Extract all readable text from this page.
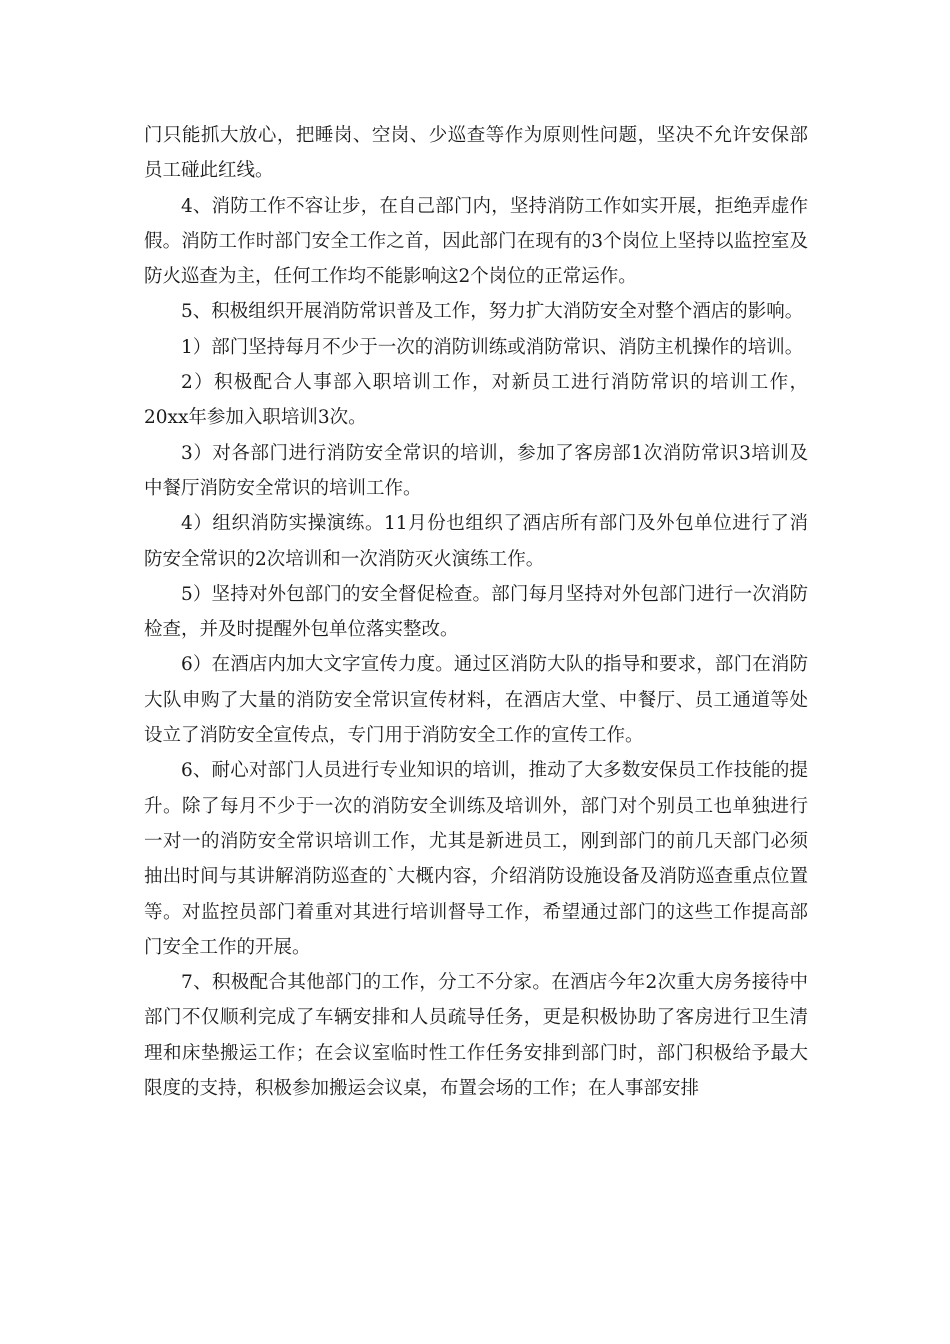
门只能抓大放心，把睡岗、空岗、少巡查等作为原则性问题，坚决不允许安保部员工碰此红线。

4、消防工作不容让步，在自己部门内，坚持消防工作如实开展，拒绝弄虚作假。消防工作时部门安全工作之首，因此部门在现有的3个岗位上坚持以监控室及防火巡查为主，任何工作均不能影响这2个岗位的正常运作。

5、积极组织开展消防常识普及工作，努力扩大消防安全对整个酒店的影响。

1）部门坚持每月不少于一次的消防训练或消防常识、消防主机操作的培训。

2）积极配合人事部入职培训工作，对新员工进行消防常识的培训工作，20xx年参加入职培训3次。

3）对各部门进行消防安全常识的培训，参加了客房部1次消防常识3培训及中餐厅消防安全常识的培训工作。

4）组织消防实操演练。11月份也组织了酒店所有部门及外包单位进行了消防安全常识的2次培训和一次消防灭火演练工作。

5）坚持对外包部门的安全督促检查。部门每月坚持对外包部门进行一次消防检查，并及时提醒外包单位落实整改。

6）在酒店内加大文字宣传力度。通过区消防大队的指导和要求，部门在消防大队申购了大量的消防安全常识宣传材料，在酒店大堂、中餐厅、员工通道等处设立了消防安全宣传点，专门用于消防安全工作的宣传工作。

6、耐心对部门人员进行专业知识的培训，推动了大多数安保员工作技能的提升。除了每月不少于一次的消防安全训练及培训外，部门对个别员工也单独进行一对一的消防安全常识培训工作，尤其是新进员工，刚到部门的前几天部门必须抽出时间与其讲解消防巡查的`大概内容，介绍消防设施设备及消防巡查重点位置等。对监控员部门着重对其进行培训督导工作，希望通过部门的这些工作提高部门安全工作的开展。

7、积极配合其他部门的工作，分工不分家。在酒店今年2次重大房务接待中部门不仅顺利完成了车辆安排和人员疏导任务，更是积极协助了客房进行卫生清理和床垫搬运工作；在会议室临时性工作任务安排到部门时，部门积极给予最大限度的支持，积极参加搬运会议桌，布置会场的工作；在人事部安排
